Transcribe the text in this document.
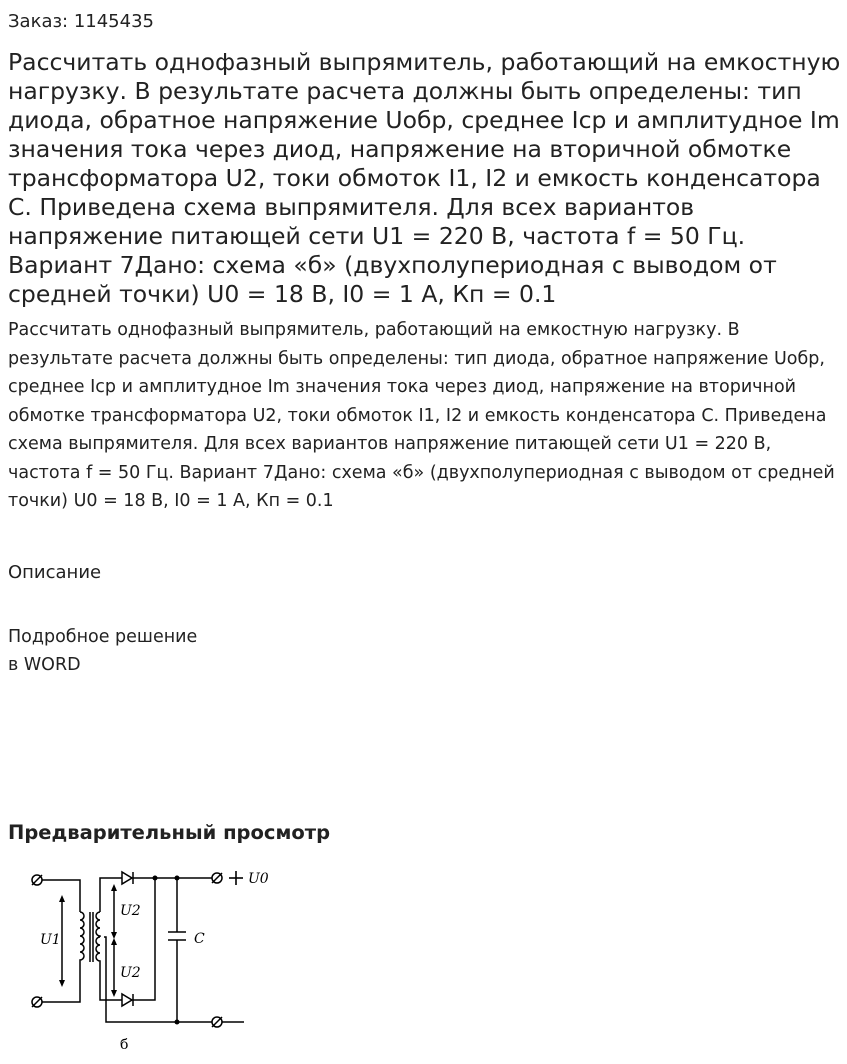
Заказ: 1145435
Рассчитать однофазный выпрямитель, работающий на емкостную нагрузку. В результате расчета должны быть определены: тип диода, обратное напряжение Uобр, среднее Iср и амплитудное Im значения тока через диод, напряжение на вторичной обмотке трансформатора U2, токи обмоток I1, I2 и емкость конденсатора С. Приведена схема выпрямителя. Для всех вариантов напряжение питающей сети U1 = 220 В, частота f = 50 Гц. Вариант 7Дано: схема «б» (двухполупериодная с выводом от средней точки) U0 = 18 В, I0 = 1 А, Кп = 0.1

Рассчитать однофазный выпрямитель, работающий на емкостную нагрузку. В результате расчета должны быть определены: тип диода, обратное напряжение Uобр, среднее Iср и амплитудное Im значения тока через диод, напряжение на вторичной обмотке трансформатора U2, токи обмоток I1, I2 и емкость конденсатора С. Приведена схема выпрямителя. Для всех вариантов напряжение питающей сети U1 = 220 В, частота f = 50 Гц. Вариант 7Дано: схема «б» (двухполупериодная с выводом от средней точки) U0 = 18 В, I0 = 1 А, Кп = 0.1

Описание
Подробное решение
в WORD
Предварительный просмотр
U1
U2
U2
C
U0
б
